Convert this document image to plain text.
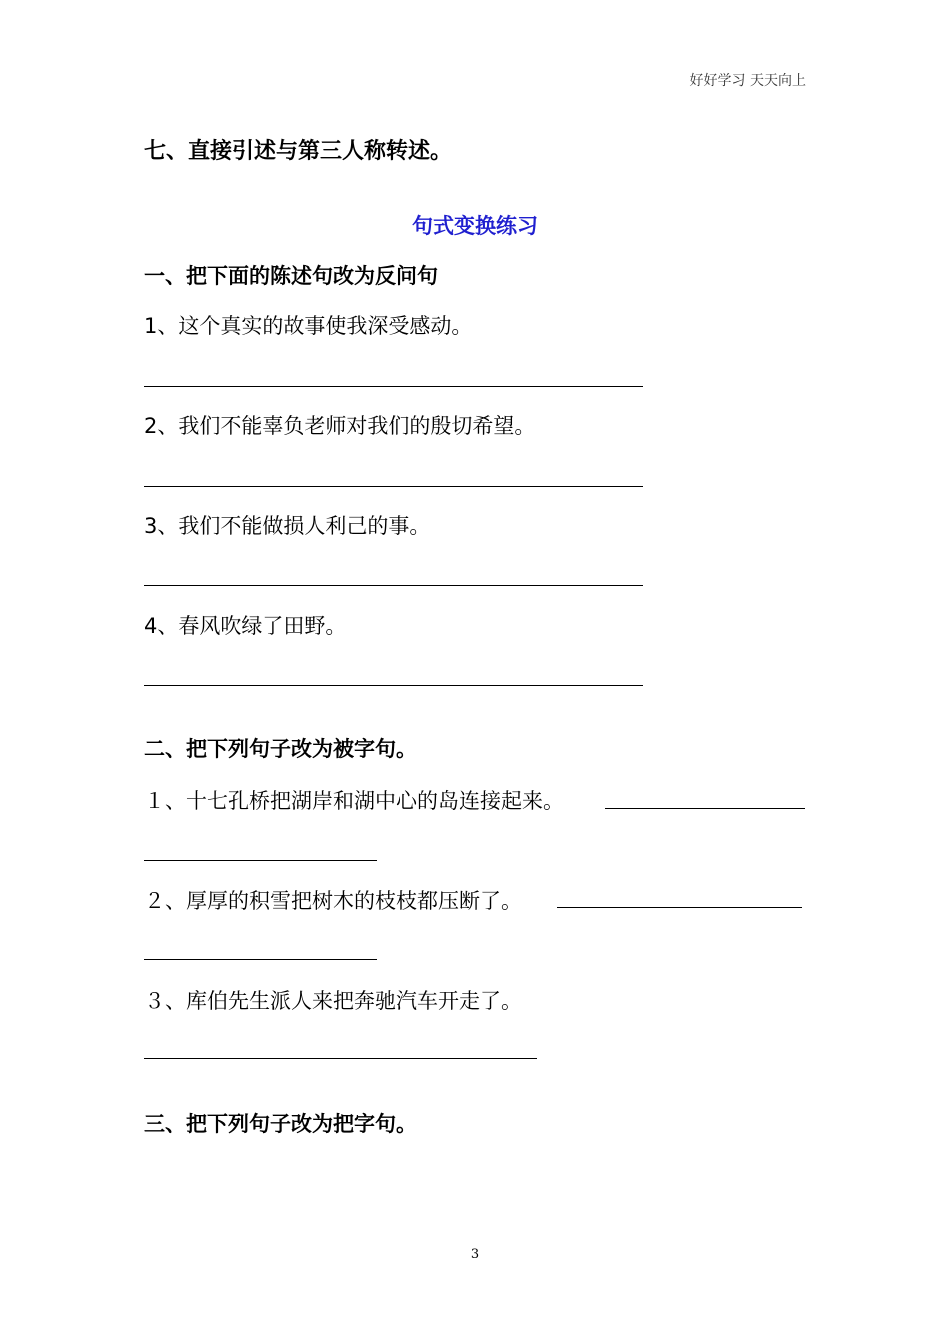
好好学习 天天向上
七、直接引述与第三人称转述。
句式变换练习
一、把下面的陈述句改为反问句
1、这个真实的故事使我深受感动。
2、我们不能辜负老师对我们的殷切希望。
3、我们不能做损人利己的事。
4、春风吹绿了田野。
二、把下列句子改为被字句。
１、十七孔桥把湖岸和湖中心的岛连接起来。
２、厚厚的积雪把树木的枝枝都压断了。
３、库伯先生派人来把奔驰汽车开走了。
三、把下列句子改为把字句。
3
